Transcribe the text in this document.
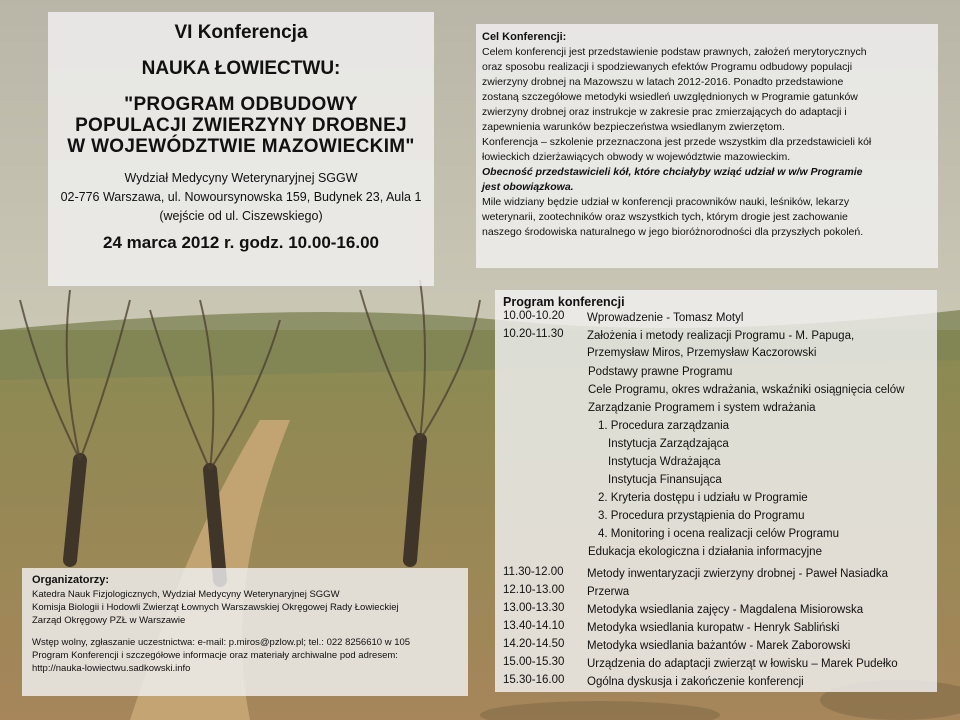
VI Konferencja
NAUKA ŁOWIECTWU:
"PROGRAM ODBUDOWY
POPULACJI ZWIERZYNY DROBNEJ
W WOJEWÓDZTWIE MAZOWIECKIM"
Wydział Medycyny Weterynaryjnej SGGW
02-776 Warszawa, ul. Nowoursynowska 159, Budynek 23, Aula 1
(wejście od ul. Ciszewskiego)
24 marca 2012 r. godz. 10.00-16.00
Cel Konferencji:
Celem konferencji jest przedstawienie podstaw prawnych, założeń merytorycznych
oraz sposobu realizacji i spodziewanych efektów Programu odbudowy populacji
zwierzyny drobnej na Mazowszu w latach 2012-2016. Ponadto przedstawione
zostaną szczegółowe metodyki wsiedleń uwzględnionych w Programie gatunków
zwierzyny drobnej oraz instrukcje w zakresie prac zmierzających do adaptacji i
zapewnienia warunków bezpieczeństwa wsiedlanym zwierzętom.
Konferencja – szkolenie przeznaczona jest przede wszystkim dla przedstawicieli kół
łowieckich dzierżawiących obwody w województwie mazowieckim.
Obecność przedstawicieli kół, które chciałyby wziąć udział w w/w Programie
jest obowiązkowa.
Mile widziany będzie udział w konferencji pracowników nauki, leśników, lekarzy
weterynarii, zootechników oraz wszystkich tych, którym drogie jest zachowanie
naszego środowiska naturalnego w jego bioróżnorodności dla przyszłych pokoleń.
Program konferencji
10.00-10.20	Wprowadzenie - Tomasz Motyl
10.20-11.30	Założenia i metody realizacji Programu - M. Papuga,
Przemysław Miros, Przemysław Kaczorowski
Podstawy prawne Programu
Cele Programu, okres wdrażania, wskaźniki osiągnięcia celów
Zarządzanie Programem i system wdrażania
1. Procedura zarządzania
Instytucja Zarządzająca
Instytucja Wdrażająca
Instytucja Finansująca
2. Kryteria dostępu i udziału w Programie
3. Procedura przystąpienia do Programu
4. Monitoring i ocena realizacji celów Programu
Edukacja ekologiczna i działania informacyjne
11.30-12.00	Metody inwentaryzacji zwierzyny drobnej - Paweł Nasiadka
12.10-13.00	Przerwa
13.00-13.30	Metodyka wsiedlania zajęcy - Magdalena Misiorowska
13.40-14.10	Metodyka wsiedlania kuropatw - Henryk Sabliński
14.20-14.50	Metodyka wsiedlania bażantów - Marek Zaborowski
15.00-15.30	Urządzenia do adaptacji zwierząt w łowisku – Marek Pudełko
15.30-16.00	Ogólna dyskusja i zakończenie konferencji
Organizatorzy:
Katedra Nauk Fizjologicznych, Wydział Medycyny Weterynaryjnej SGGW
Komisja Biologii i Hodowli Zwierząt Łownych Warszawskiej Okręgowej Rady Łowieckiej
Zarząd Okręgowy PZŁ w Warszawie
Wstęp wolny, zgłaszanie uczestnictwa: e-mail: p.miros@pzlow.pl; tel.: 022 8256610 w 105
Program Konferencji i szczegółowe informacje oraz materiały archiwalne pod adresem:
http://nauka-lowiectwu.sadkowski.info
